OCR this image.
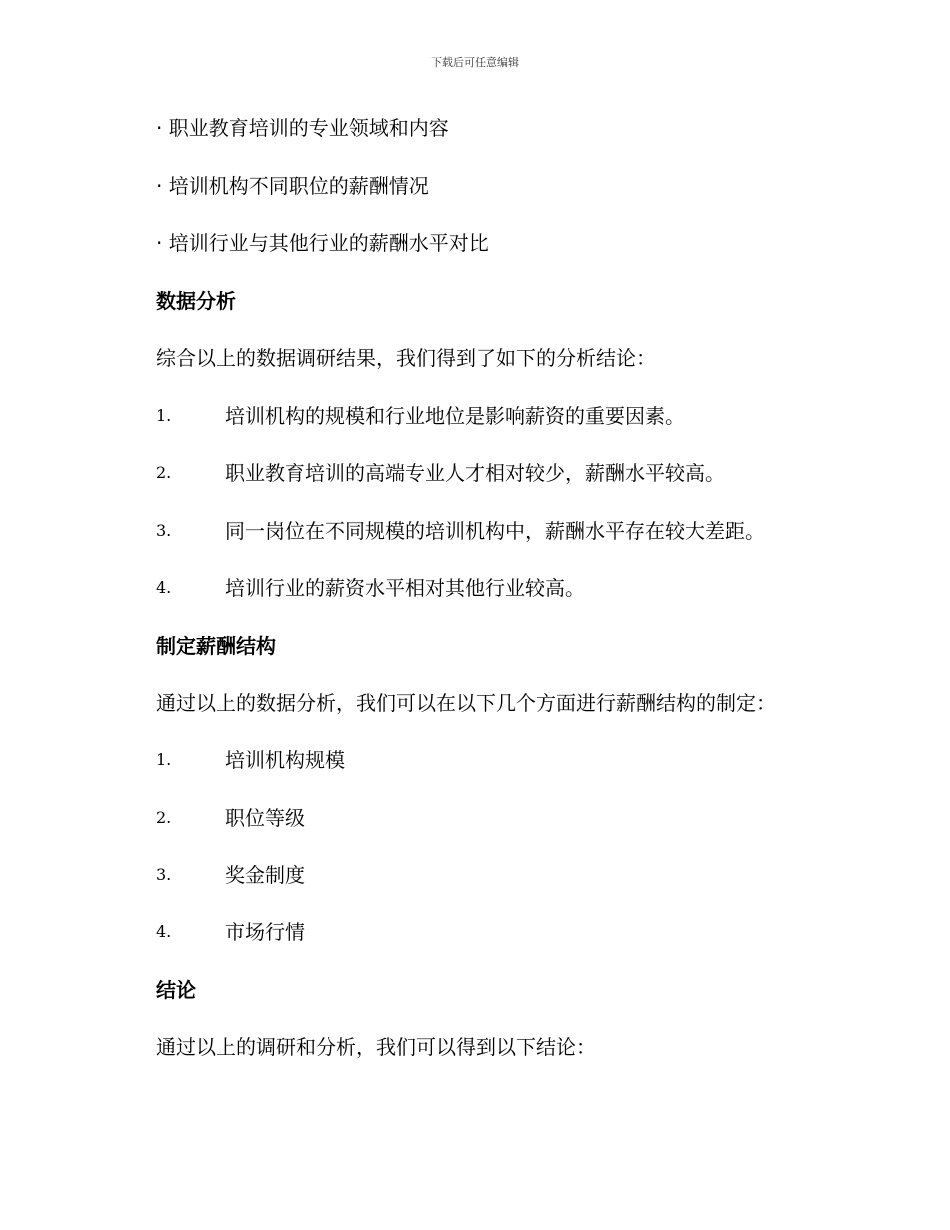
下载后可任意编辑
· 职业教育培训的专业领域和内容
· 培训机构不同职位的薪酬情况
· 培训行业与其他行业的薪酬水平对比
数据分析
综合以上的数据调研结果，我们得到了如下的分析结论：
1.	培训机构的规模和行业地位是影响薪资的重要因素。
2.	职业教育培训的高端专业人才相对较少，薪酬水平较高。
3.	同一岗位在不同规模的培训机构中，薪酬水平存在较大差距。
4.	培训行业的薪资水平相对其他行业较高。
制定薪酬结构
通过以上的数据分析，我们可以在以下几个方面进行薪酬结构的制定：
1.	培训机构规模
2.	职位等级
3.	奖金制度
4.	市场行情
结论
通过以上的调研和分析，我们可以得到以下结论：
